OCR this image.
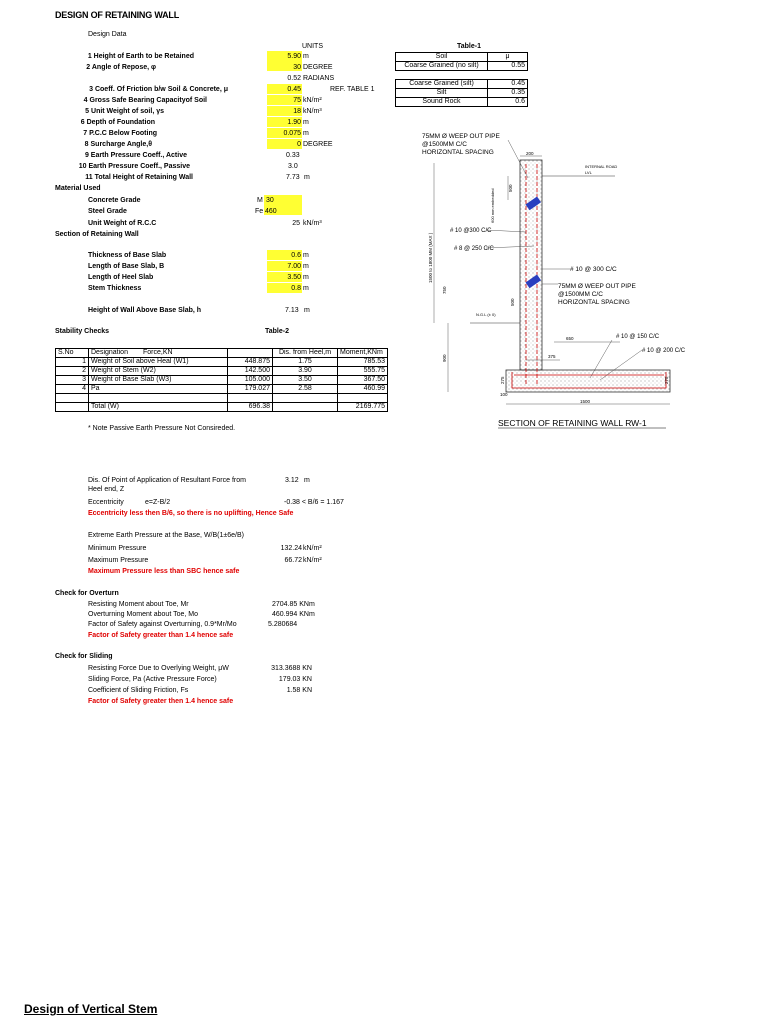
DESIGN OF RETAINING WALL
Design Data
UNITS	Table-1
1 Height of Earth to be Retained	5.90 m
2 Angle of Repose, φ	30 DEGREE
0.52 RADIANS
3 Coeff. Of Friction b/w Soil & Concrete, μ	0.45	REF. TABLE 1
4 Gross Safe Bearing Capacityof Soil	75 kN/m²
5 Unit Weight of soil, γs	18 kN/m³
6 Depth of Foundation	1.90 m
7 P.C.C Below Footing	0.075 m
8 Surcharge Angle,θ	0 DEGREE
9 Earth Pressure Coeff., Active	0.33
10 Earth Pressure Coeff., Passive	3.0
11 Total Height of Retaining Wall	7.73 m
Soil	μ
Coarse Grained (no silt)	0.55

Coarse Grained (silt)	0.45
Silt	0.35
Sound Rock	0.6
Material Used
Concrete Grade	M 30
Steel Grade	Fe 460
Unit Weight of R.C.C	25 kN/m³
Section of Retaining Wall
Thickness of Base Slab	0.6 m
Length of Base Slab, B	7.00 m
Length of Heel Slab	3.50 m
Stem Thickness	0.8 m
Height of Wall Above Base Slab, h	7.13 m
Stability Checks	Table-2
S.No	Designation	Force,KN		Dis. from Heel,m	Moment,KNm
1	Weight of Soil above Heal (W1)		448.875	1.75	785.53
2	Weight of Stem (W2)		142.500	3.90	555.75
3	Weight of Base Slab (W3)		105.000	3.50	367.50
4	Pa		179.027	2.58	460.99

	Total (W)		696.38		2169.775
* Note Passive Earth Pressure Not Consireded.
Dis. Of Point of Application of Resultant Force from
Heel end, Z
3.12 m
Eccentricity	e=Z-B/2	-0.38 < B/6 = 1.167
Eccentricity less then B/6, so there is no uplifting, Hence Safe
Extreme Earth Pressure at the Base, W/B(1±6e/B)
Minimum Pressure	132.24 kN/m²
Maximum Pressure	66.72 kN/m²
Maximum Pressure less than SBC hence safe
Check for Overturn
Resisting Moment about Toe, Mr	2704.85 KNm
Overturning Moment about Toe, Mo	460.994 KNm
Factor of Safety against Overturning, 0.9*Mr/Mo	5.280684
Factor of Safety greater than 1.4 hence safe
Check for Sliding
Resisting Force Due to Overlying Weight, μW	313.3688 KN
Sliding Force, Pa (Active Pressure Force)	179.03 KN
Coefficient of Sliding Friction, Fs	1.58 KN
Factor of Safety greater then 1.4 hence safe
75MM Ø WEEP OUT PIPE
@1500MM C/C
HORIZONTAL SPACING	200
INTERNAL ROAD
LVL
500
600 mm embedded
# 10 @300 C/C
# 8 @ 250 C/C
1500 to 1800 MM (MAX )	# 10 @ 300 C/C
75MM Ø WEEP OUT PIPE
@1500MM C/C
HORIZONTAL SPACING
750
500
N.G.L (± 0)
650	# 10 @ 150 C/C
# 10 @ 200 C/C
375
900
275	275
100
1500
SECTION OF RETAINING WALL RW-1
Design of Vertical Stem
